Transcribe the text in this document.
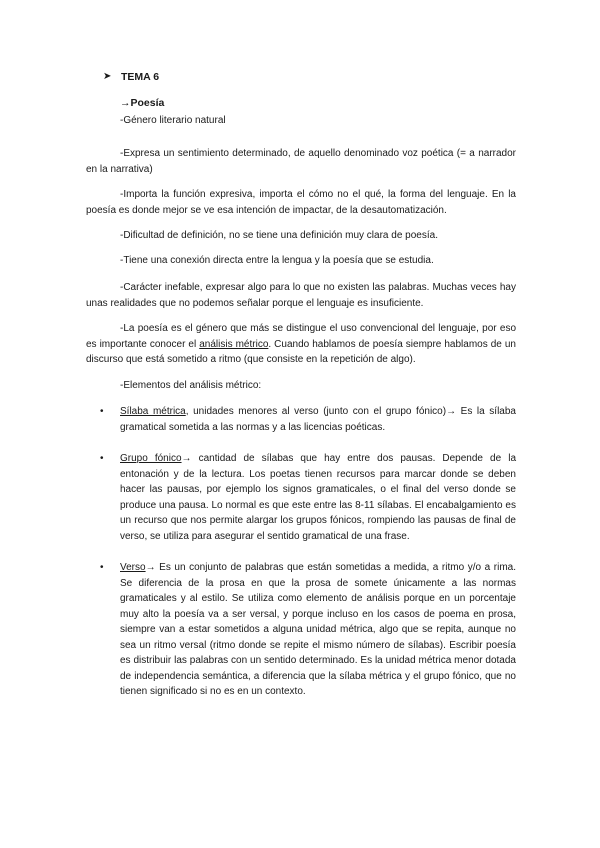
➤ TEMA 6
→Poesía

-Género literario natural

-Expresa un sentimiento determinado, de aquello denominado voz poética (= a narrador en la narrativa)

-Importa la función expresiva, importa el cómo no el qué, la forma del lenguaje. En la poesía es donde mejor se ve esa intención de impactar, de la desautomatización.

-Dificultad de definición, no se tiene una definición muy clara de poesía.

-Tiene una conexión directa entre la lengua y la poesía que se estudia.

-Carácter inefable, expresar algo para lo que no existen las palabras. Muchas veces hay unas realidades que no podemos señalar porque el lenguaje es insuficiente.

-La poesía es el género que más se distingue el uso convencional del lenguaje, por eso es importante conocer el análisis métrico. Cuando hablamos de poesía siempre hablamos de un discurso que está sometido a ritmo (que consiste en la repetición de algo).

-Elementos del análisis métrico:

• Sílaba métrica, unidades menores al verso (junto con el grupo fónico)→ Es la sílaba gramatical sometida a las normas y a las licencias poéticas.
• Grupo fónico→ cantidad de sílabas que hay entre dos pausas. Depende de la entonación y de la lectura. Los poetas tienen recursos para marcar donde se deben hacer las pausas, por ejemplo los signos gramaticales, o el final del verso donde se produce una pausa. Lo normal es que este entre las 8-11 sílabas. El encabalgamiento es un recurso que nos permite alargar los grupos fónicos, rompiendo las pausas de final de verso, se utiliza para asegurar el sentido gramatical de una frase.
• Verso→ Es un conjunto de palabras que están sometidas a medida, a ritmo y/o a rima. Se diferencia de la prosa en que la prosa de somete únicamente a las normas gramaticales y al estilo. Se utiliza como elemento de análisis porque en un porcentaje muy alto la poesía va a ser versal, y porque incluso en los casos de poema en prosa, siempre van a estar sometidos a alguna unidad métrica, algo que se repita, aunque no sea un ritmo versal (ritmo donde se repite el mismo número de sílabas). Escribir poesía es distribuir las palabras con un sentido determinado. Es la unidad métrica menor dotada de independencia semántica, a diferencia que la sílaba métrica y el grupo fónico, que no tienen significado si no es en un contexto.
